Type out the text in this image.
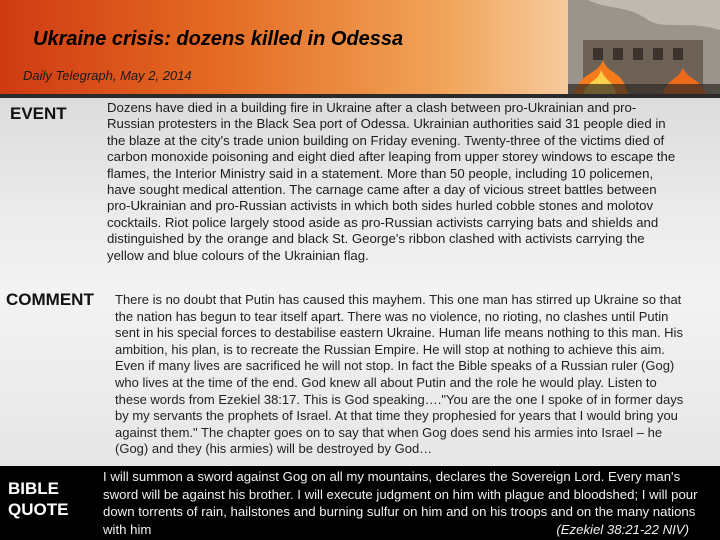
Ukraine crisis: dozens killed in Odessa
Daily Telegraph, May 2, 2014
EVENT	Dozens have died in a building fire in Ukraine after a clash between pro-Ukrainian and pro-Russian protesters in the Black Sea port of Odessa. Ukrainian authorities said 31 people died in the blaze at the city's trade union building on Friday evening. Twenty-three of the victims died of carbon monoxide poisoning and eight died after leaping from upper storey windows to escape the flames, the Interior Ministry said in a statement. More than 50 people, including 10 policemen, have sought medical attention. The carnage came after a day of vicious street battles between pro-Ukrainian and pro-Russian activists in which both sides hurled cobble stones and molotov cocktails. Riot police largely stood aside as pro-Russian activists carrying bats and shields and distinguished by the orange and black St. George's ribbon clashed with activists carrying the yellow and blue colours of the Ukrainian flag.

COMMENT There is no doubt that Putin has caused this mayhem. This one man has stirred up Ukraine so that the nation has begun to tear itself apart. There was no violence, no rioting, no clashes until Putin sent in his special forces to destabilise eastern Ukraine. Human life means nothing to this man. His ambition, his plan, is to recreate the Russian Empire. He will stop at nothing to achieve this aim. Even if many lives are sacrificed he will not stop. In fact the Bible speaks of a Russian ruler (Gog) who lives at the time of the end. God knew all about Putin and the role he would play. Listen to these words from Ezekiel 38:17. This is God speaking…."You are the one I spoke of in former days by my servants the prophets of Israel. At that time they prophesied for years that I would bring you against them." The chapter goes on to say that when Gog does send his armies into Israel – he (Gog) and they (his armies) will be destroyed by God…

BIBLE
QUOTE

I will summon a sword against Gog on all my mountains, declares the Sovereign Lord. Every man's sword will be against his brother. I will execute judgment on him with plague and bloodshed; I will pour down torrents of rain, hailstones and burning sulfur on him and on his troops and on the many nations with him	(Ezekiel 38:21-22 NIV)
